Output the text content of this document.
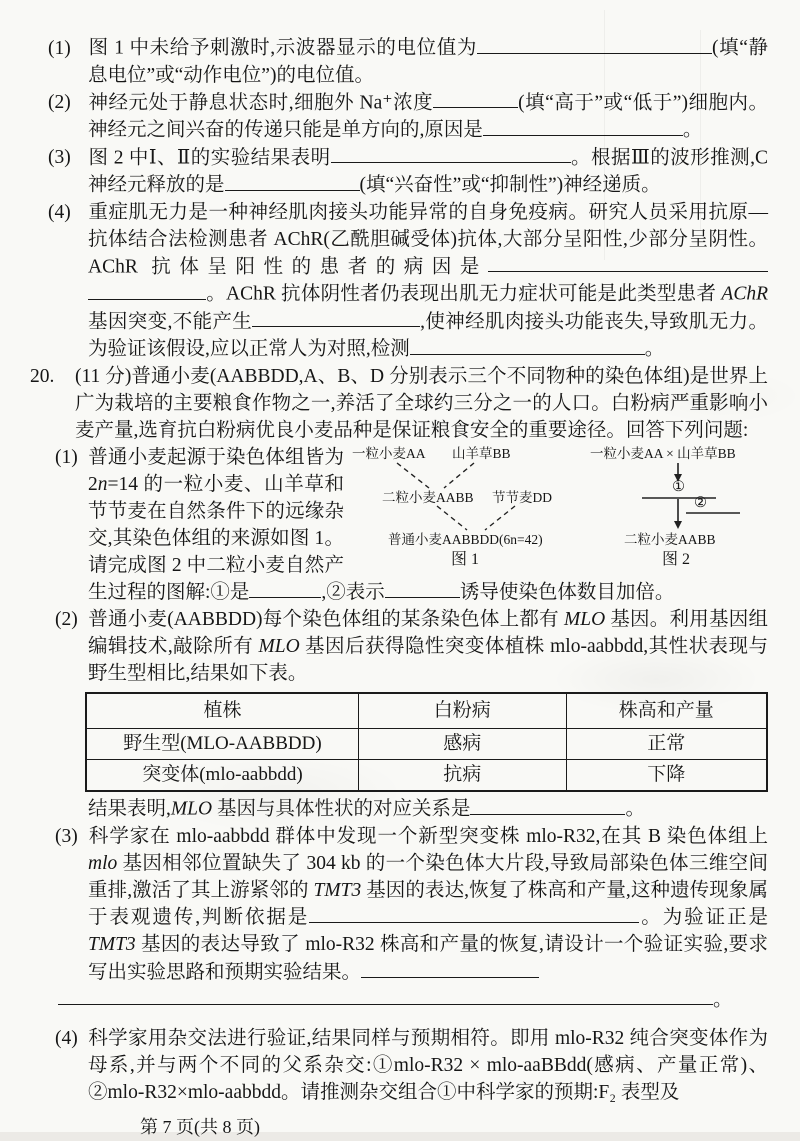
(1) 图 1 中未给予刺激时,示波器显示的电位值为	(填“静息电位”或“动作电位”)的电位值。
(2) 神经元处于静息状态时,细胞外 Na⁺浓度	(填“高于”或“低于”)细胞内。神经元之间兴奋的传递只能是单方向的,原因是	。
(3) 图 2 中Ⅰ、Ⅱ的实验结果表明	。根据Ⅲ的波形推测,C 神经元释放的是	(填“兴奋性”或“抑制性”)神经递质。
(4) 重症肌无力是一种神经肌肉接头功能异常的自身免疫病。研究人员采用抗原—抗体结合法检测患者 AChR(乙酰胆碱受体)抗体,大部分呈阳性,少部分呈阴性。AChR 抗体呈阳性的患者的病因是。AChR 抗体阴性者仍表现出肌无力症状可能是此类型患者 AChR 基因突变,不能产生	,使神经肌肉接头功能丧失,导致肌无力。为验证该假设,应以正常人为对照,检测	。
20. (11 分)普通小麦(AABBDD,A、B、D 分别表示三个不同物种的染色体组)是世界上广为栽培的主要粮食作物之一,养活了全球约三分之一的人口。白粉病严重影响小麦产量,选育抗白粉病优良小麦品种是保证粮食安全的重要途径。回答下列问题:
一粒小麦AA 山羊草BB
二粒小麦AABB 节节麦DD
普通小麦AABBDD(6n=42)
图 1
一粒小麦AA × 山羊草BB
①
②
二粒小麦AABB
图 2
(1) 普通小麦起源于染色体组皆为 2n=14 的一粒小麦、山羊草和节节麦在自然条件下的远缘杂交,其染色体组的来源如图 1。请完成图 2 中二粒小麦自然产生过程的图解:①是	,②表示	诱导使染色体数目加倍。
(2) 普通小麦(AABBDD)每个染色体组的某条染色体上都有 MLO 基因。利用基因组编辑技术,敲除所有 MLO 基因后获得隐性突变体植株 mlo-aabbdd,其性状表现与野生型相比,结果如下表。
植株	白粉病	株高和产量
野生型(MLO-AABBDD)	感病	正常
突变体(mlo-aabbdd)	抗病	下降
结果表明,MLO 基因与具体性状的对应关系是	。
(3) 科学家在 mlo-aabbdd 群体中发现一个新型突变株 mlo-R32,在其 B 染色体组上 mlo 基因相邻位置缺失了 304 kb 的一个染色体大片段,导致局部染色体三维空间重排,激活了其上游紧邻的 TMT3 基因的表达,恢复了株高和产量,这种遗传现象属于表观遗传,判断依据是	。为验证正是 TMT3 基因的表达导致了 mlo-R32 株高和产量的恢复,请设计一个验证实验,要求写出实验思路和预期实验结果。
。
(4) 科学家用杂交法进行验证,结果同样与预期相符。即用 mlo-R32 纯合突变体作为母系,并与两个不同的父系杂交:①mlo-R32 × mlo-aaBBdd(感病、产量正常)、②mlo-R32×mlo-aabbdd。请推测杂交组合①中科学家的预期:F₂ 表型及
第 7 页(共 8 页)
